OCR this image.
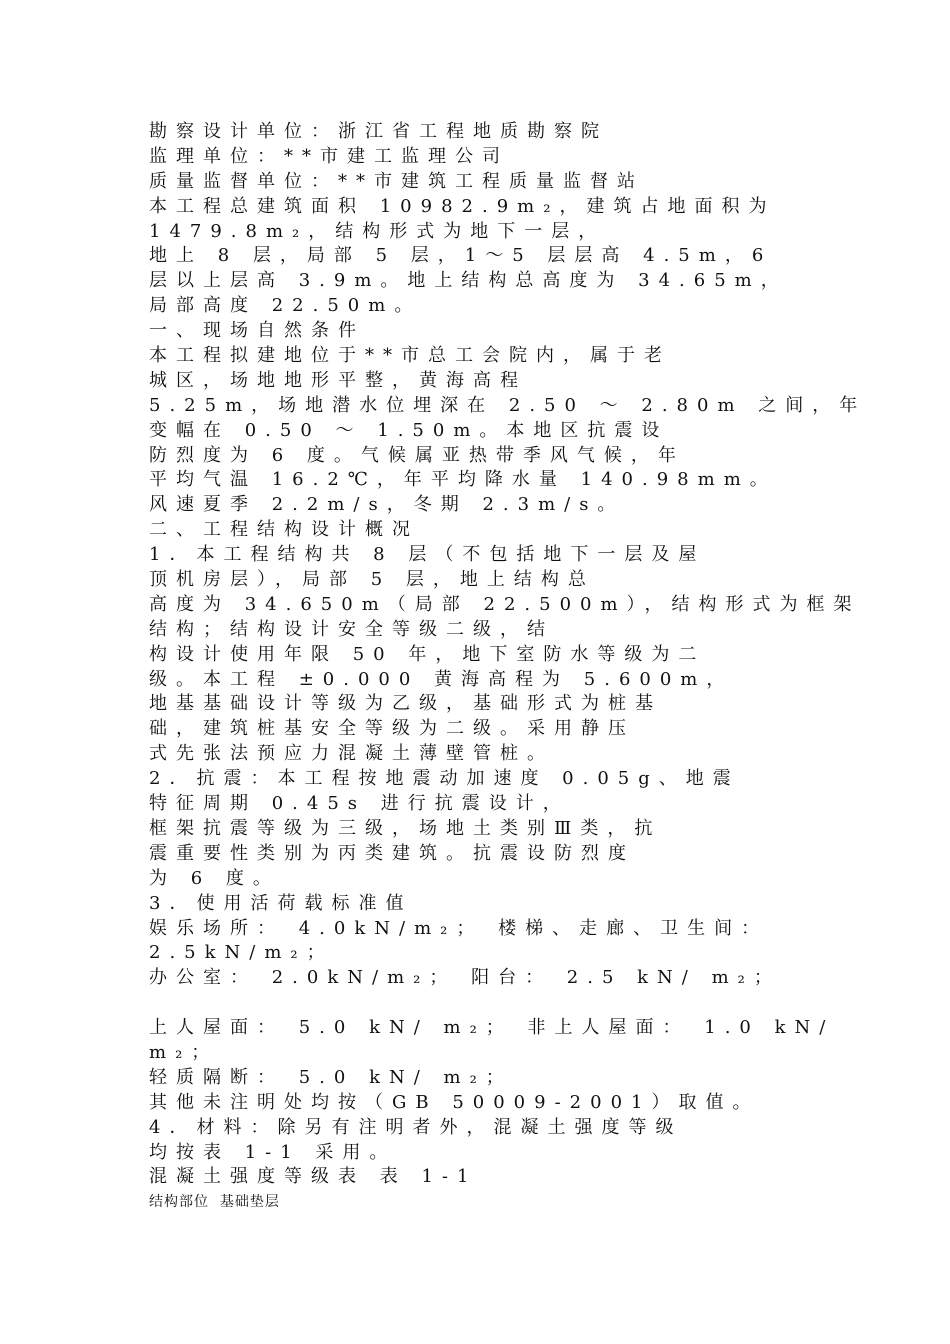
勘察设计单位：浙江省工程地质勘察院
监理单位：**市建工监理公司
质量监督单位：**市建筑工程质量监督站
本工程总建筑面积 10982.9m₂，建筑占地面积为
1479.8m₂，结构形式为地下一层，
地上 8 层，局部 5 层，1～5 层层高 4.5m，6
层以上层高 3.9m。地上结构总高度为 34.65m，
局部高度 22.50m。
一、现场自然条件
本工程拟建地位于**市总工会院内，属于老
城区，场地地形平整，黄海高程
5.25m，场地潜水位埋深在 2.50 ～ 2.80m 之间，年
变幅在 0.50 ～ 1.50m。本地区抗震设
防烈度为 6 度。气候属亚热带季风气候，年
平均气温 16.2℃，年平均降水量 140.98mm。
风速夏季 2.2m/s，冬期 2.3m/s。
二、工程结构设计概况
1．本工程结构共 8 层（不包括地下一层及屋
顶机房层），局部 5 层，地上结构总
高度为 34.650m（局部 22.500m），结构形式为框架
结构；结构设计安全等级二级，结
构设计使用年限 50 年，地下室防水等级为二
级。本工程 ±0.000 黄海高程为 5.600m，
地基基础设计等级为乙级，基础形式为桩基
础，建筑桩基安全等级为二级。采用静压
式先张法预应力混凝土薄壁管桩。
2．抗震：本工程按地震动加速度 0.05g、地震
特征周期 0.45s 进行抗震设计，
框架抗震等级为三级，场地土类别Ⅲ类，抗
震重要性类别为丙类建筑。抗震设防烈度
为 6 度。
3．使用活荷载标准值
娱乐场所： 4.0kN/m₂； 楼梯、走廊、卫生间：
2.5kN/m₂；
办公室： 2.0kN/m₂； 阳台： 2.5 kN/ m₂；
上人屋面： 5.0 kN/ m₂； 非上人屋面： 1.0 kN/
m₂；
轻质隔断： 5.0 kN/ m₂；
其他未注明处均按（GB 50009-2001）取值。
4．材料：除另有注明者外，混凝土强度等级
均按表 1-1 采用。
混凝土强度等级表 表 1-1
结构部位  基础垫层
